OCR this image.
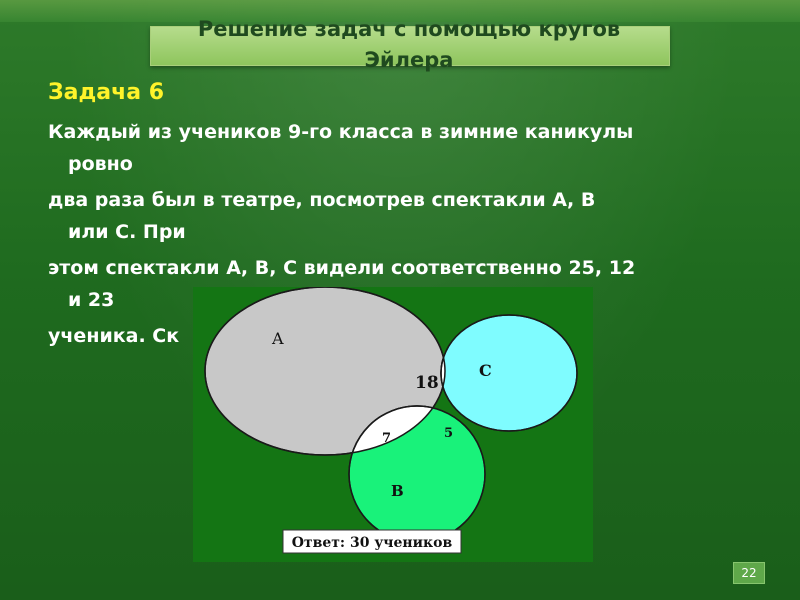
Решение задач с помощью кругов Эйлера
Задача 6

Каждый из учеников 9-го класса в зимние каникулы
ровно

два раза был в театре, посмотрев спектакли А, В
или С. При

этом спектакли А, В, С видели соответственно 25, 12
и 23

ученика. Ск	A
C
B
18
7	5
Ответ: 30 учеников
22
